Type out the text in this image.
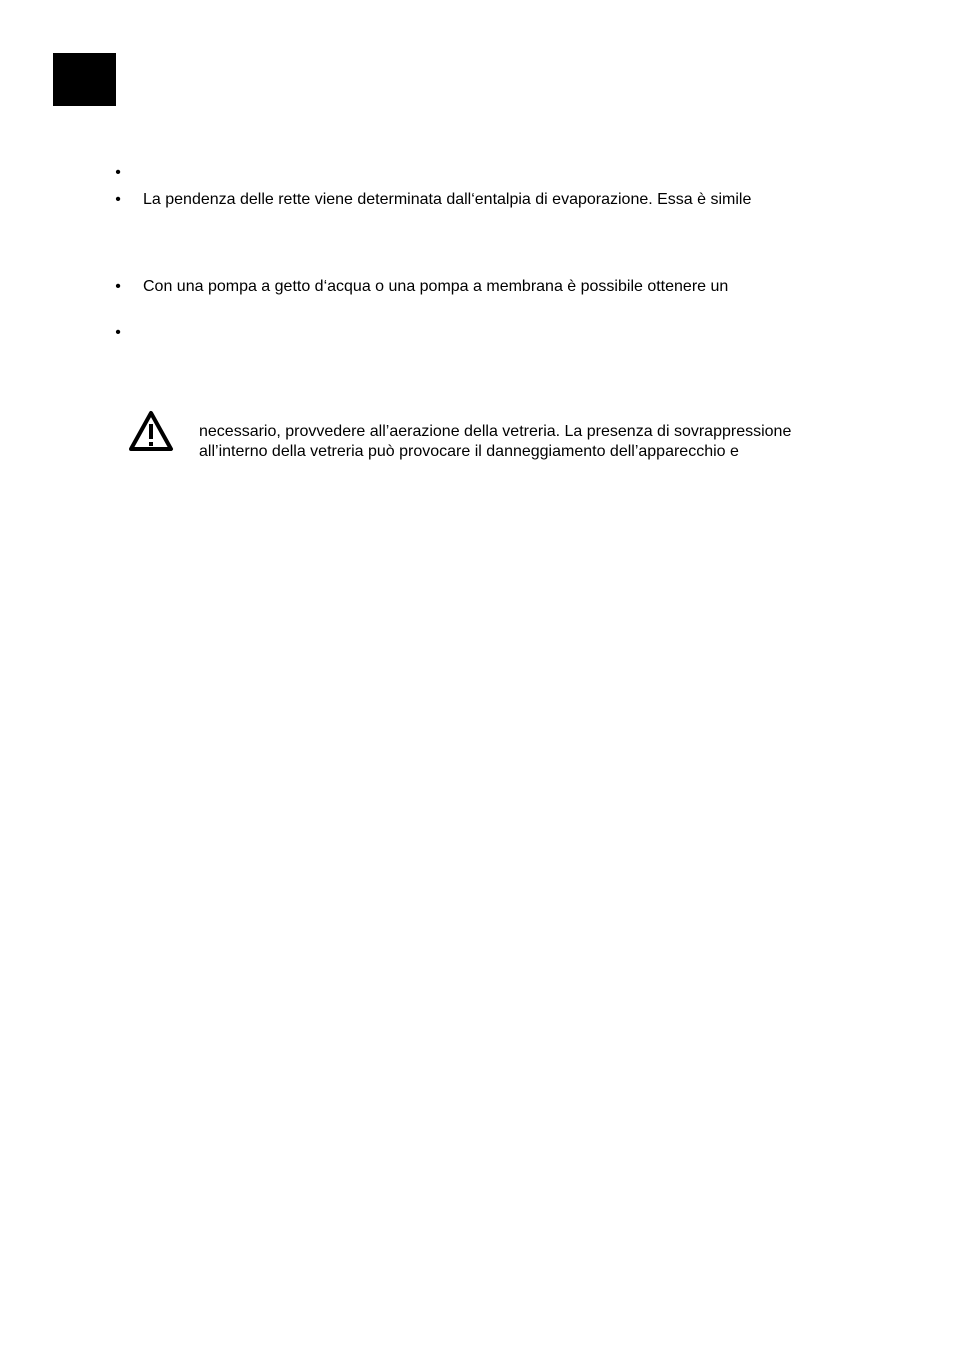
•
• La pendenza delle rette viene determinata dall‘entalpia di evaporazione. Essa è simile
• Con una pompa a getto d‘acqua o una pompa a membrana è possibile ottenere un
•
necessario, provvedere all’aerazione della vetreria. La presenza di sovrappressione
all’interno della vetreria può provocare il danneggiamento dell’apparecchio e
